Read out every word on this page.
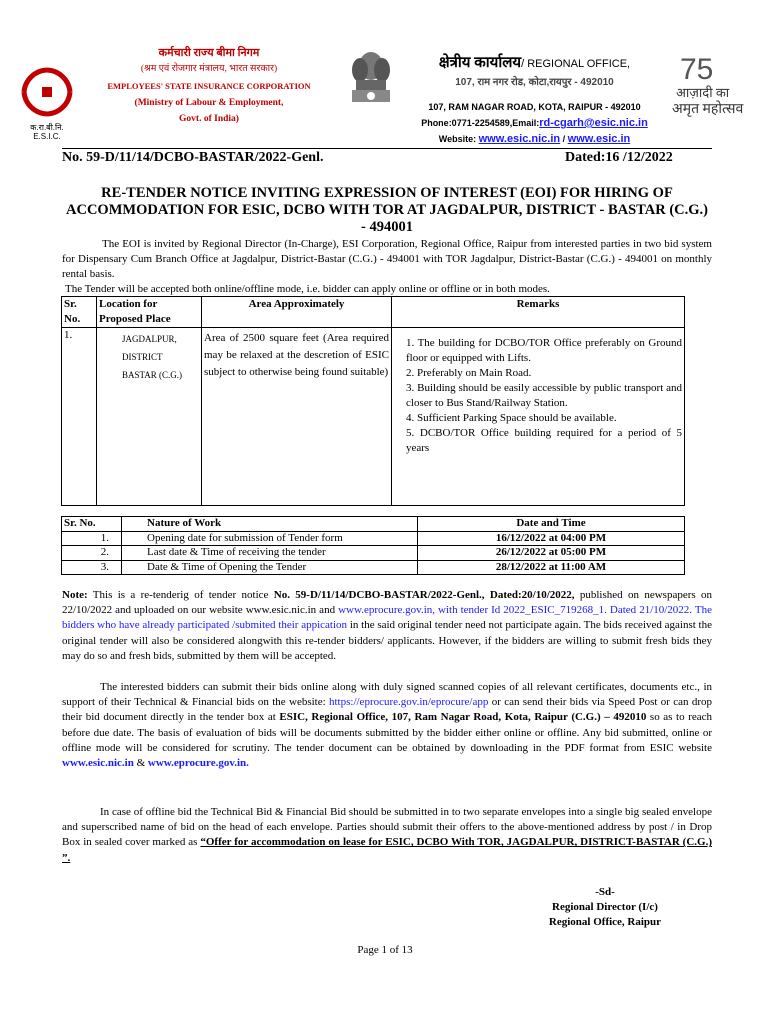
क.रा.बी.नि.
E.S.I.C.
कर्मचारी राज्य बीमा निगम
(श्रम एवं रोजगार मंत्रालय, भारत सरकार)
EMPLOYEES' STATE INSURANCE CORPORATION
(Ministry of Labour & Employment,
Govt. of India)
क्षेत्रीय कार्यालय/ REGIONAL OFFICE,
107, राम नगर रोड, कोटा,रायपुर - 492010
107, RAM NAGAR ROAD, KOTA, RAIPUR - 492010
Phone:0771-2254589,Email:rd-cgarh@esic.nic.in
Website: www.esic.nic.in / www.esic.in
75
आज़ादी का
अमृत महोत्सव
No. 59-D/11/14/DCBO-BASTAR/2022-Genl.	Dated:16 /12/2022
RE-TENDER NOTICE INVITING EXPRESSION OF INTEREST (EOI) FOR HIRING OF ACCOMMODATION FOR ESIC, DCBO WITH TOR AT JAGDALPUR, DISTRICT - BASTAR (C.G.) - 494001

The EOI is invited by Regional Director (In-Charge), ESI Corporation, Regional Office, Raipur from interested parties in two bid system for Dispensary Cum Branch Office at Jagdalpur, District-Bastar (C.G.) - 494001 with TOR Jagdalpur, District-Bastar (C.G.) - 494001 on monthly rental basis.

The Tender will be accepted both online/offline mode, i.e. bidder can apply online or offline or in both modes.

Sr. No.	Location for Proposed Place	Area Approximately	Remarks
1.	JAGDALPUR, DISTRICT BASTAR (C.G.)	Area of 2500 square feet (Area required may be relaxed at the descretion of ESIC subject to otherwise being found suitable)	1. The building for DCBO/TOR Office preferably on Ground floor or equipped with Lifts.
2. Preferably on Main Road.
3. Building should be easily accessible by public transport and closer to Bus Stand/Railway Station.
4. Sufficient Parking Space should be available.
5. DCBO/TOR Office building required for a period of 5 years
Sr. No.	Nature of Work	Date and Time
1.	Opening date for submission of Tender form	16/12/2022 at 04:00 PM
2.	Last date & Time of receiving the tender	26/12/2022 at 05:00 PM
3.	Date & Time of Opening the Tender	28/12/2022 at 11:00 AM

Note: This is a re-tenderig of tender notice No. 59-D/11/14/DCBO-BASTAR/2022-Genl., Dated:20/10/2022, published on newspapers on 22/10/2022 and uploaded on our website www.esic.nic.in and www.eprocure.gov.in, with tender Id 2022_ESIC_719268_1. Dated 21/10/2022. The bidders who have already participated /submited their appication in the said original tender need not participate again. The bids received against the original tender will also be considered alongwith this re-tender bidders/ applicants. However, if the bidders are willing to submit fresh bids they may do so and fresh bids, submitted by them will be accepted.

The interested bidders can submit their bids online along with duly signed scanned copies of all relevant certificates, documents etc., in support of their Technical & Financial bids on the website: https://eprocure.gov.in/eprocure/app or can send their bids via Speed Post or can drop their bid document directly in the tender box at ESIC, Regional Office, 107, Ram Nagar Road, Kota, Raipur (C.G.) – 492010 so as to reach before due date. The basis of evaluation of bids will be documents submitted by the bidder either online or offline. Any bid submitted, online or offline mode will be considered for scrutiny. The tender document can be obtained by downloading in the PDF format from ESIC website www.esic.nic.in & www.eprocure.gov.in.

In case of offline bid the Technical Bid & Financial Bid should be submitted in to two separate envelopes into a single big sealed envelope and superscribed name of bid on the head of each envelope. Parties should submit their offers to the above-mentioned address by post / in Drop Box in sealed cover marked as “Offer for accommodation on lease for ESIC, DCBO With TOR, JAGDALPUR, DISTRICT-BASTAR (C.G.) ”.

-Sd-
Regional Director (I/c)
Regional Office, Raipur
Page 1 of 13
